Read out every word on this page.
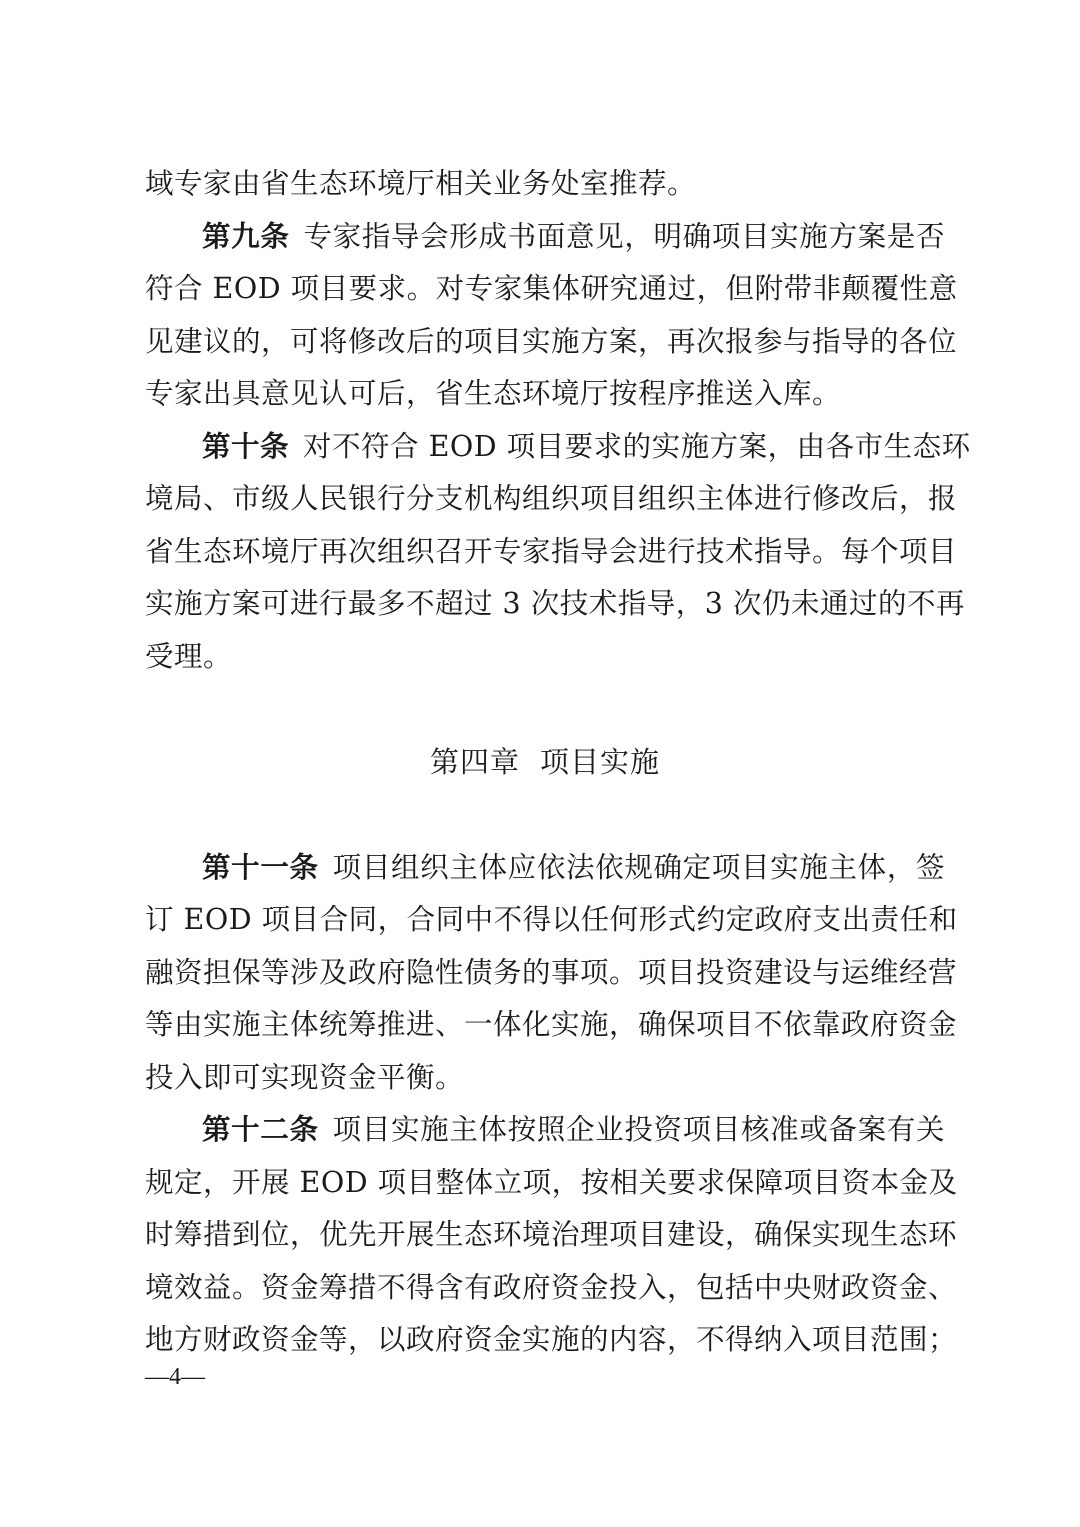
域专家由省生态环境厅相关业务处室推荐。
第九条 专家指导会形成书面意见，明确项目实施方案是否
符合 EOD 项目要求。对专家集体研究通过，但附带非颠覆性意
见建议的，可将修改后的项目实施方案，再次报参与指导的各位
专家出具意见认可后，省生态环境厅按程序推送入库。
第十条 对不符合 EOD 项目要求的实施方案，由各市生态环
境局、市级人民银行分支机构组织项目组织主体进行修改后，报
省生态环境厅再次组织召开专家指导会进行技术指导。每个项目
实施方案可进行最多不超过 3 次技术指导，3 次仍未通过的不再
受理。
第四章 项目实施
第十一条 项目组织主体应依法依规确定项目实施主体，签
订 EOD 项目合同，合同中不得以任何形式约定政府支出责任和
融资担保等涉及政府隐性债务的事项。项目投资建设与运维经营
等由实施主体统筹推进、一体化实施，确保项目不依靠政府资金
投入即可实现资金平衡。
第十二条 项目实施主体按照企业投资项目核准或备案有关
规定，开展 EOD 项目整体立项，按相关要求保障项目资本金及
时筹措到位，优先开展生态环境治理项目建设，确保实现生态环
境效益。资金筹措不得含有政府资金投入，包括中央财政资金、
地方财政资金等，以政府资金实施的内容，不得纳入项目范围；
—4—
